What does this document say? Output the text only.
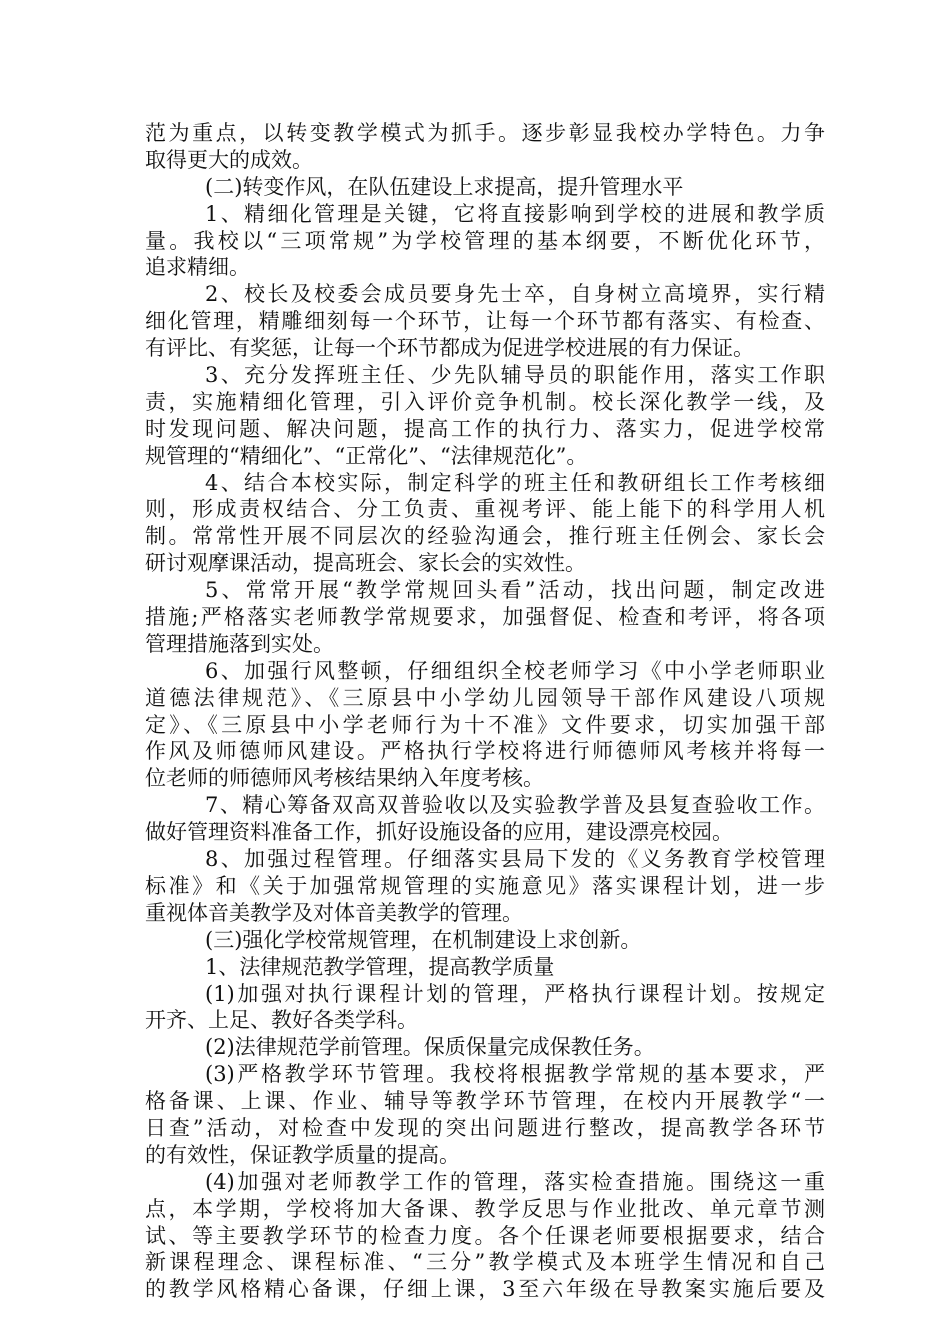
范为重点，以转变教学模式为抓手。逐步彰显我校办学特色。力争
取得更大的成效。
(二)转变作风，在队伍建设上求提高，提升管理水平
1、精细化管理是关键，它将直接影响到学校的进展和教学质
量。我校以“三项常规”为学校管理的基本纲要，不断优化环节，
追求精细。
2、校长及校委会成员要身先士卒，自身树立高境界，实行精
细化管理，精雕细刻每一个环节，让每一个环节都有落实、有检查、
有评比、有奖惩，让每一个环节都成为促进学校进展的有力保证。
3、充分发挥班主任、少先队辅导员的职能作用，落实工作职
责，实施精细化管理，引入评价竞争机制。校长深化教学一线，及
时发现问题、解决问题，提高工作的执行力、落实力，促进学校常
规管理的“精细化”、“正常化”、“法律规范化”。
4、结合本校实际，制定科学的班主任和教研组长工作考核细
则，形成责权结合、分工负责、重视考评、能上能下的科学用人机
制。常常性开展不同层次的经验沟通会，推行班主任例会、家长会
研讨观摩课活动，提高班会、家长会的实效性。
5、常常开展“教学常规回头看”活动，找出问题，制定改进
措施;严格落实老师教学常规要求，加强督促、检查和考评，将各项
管理措施落到实处。
6、加强行风整顿，仔细组织全校老师学习《中小学老师职业
道德法律规范》、《三原县中小学幼儿园领导干部作风建设八项规
定》、《三原县中小学老师行为十不准》文件要求，切实加强干部
作风及师德师风建设。严格执行学校将进行师德师风考核并将每一
位老师的师德师风考核结果纳入年度考核。
7、精心筹备双高双普验收以及实验教学普及县复查验收工作。
做好管理资料准备工作，抓好设施设备的应用，建设漂亮校园。
8、加强过程管理。仔细落实县局下发的《义务教育学校管理
标准》和《关于加强常规管理的实施意见》落实课程计划，进一步
重视体音美教学及对体音美教学的管理。
(三)强化学校常规管理，在机制建设上求创新。
1、法律规范教学管理，提高教学质量
(1)加强对执行课程计划的管理，严格执行课程计划。按规定
开齐、上足、教好各类学科。
(2)法律规范学前管理。保质保量完成保教任务。
(3)严格教学环节管理。我校将根据教学常规的基本要求，严
格备课、上课、作业、辅导等教学环节管理，在校内开展教学“一
日查”活动，对检查中发现的突出问题进行整改，提高教学各环节
的有效性，保证教学质量的提高。
(4)加强对老师教学工作的管理，落实检查措施。围绕这一重
点，本学期，学校将加大备课、教学反思与作业批改、单元章节测
试、等主要教学环节的检查力度。各个任课老师要根据要求，结合
新课程理念、课程标准、“三分”教学模式及本班学生情况和自己
的教学风格精心备课，仔细上课，3至六年级在导教案实施后要及
